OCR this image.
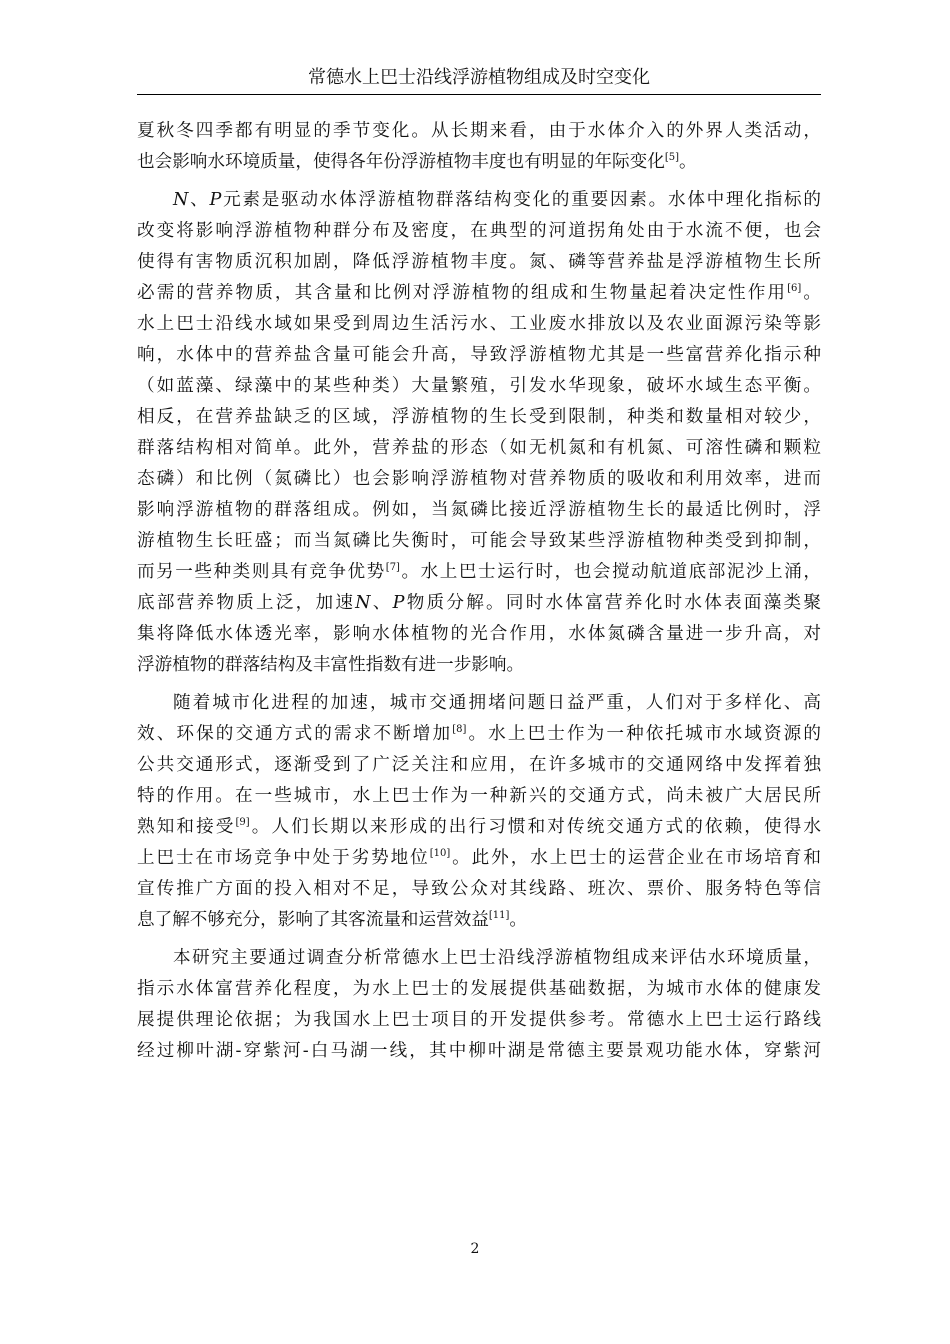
常德水上巴士沿线浮游植物组成及时空变化
夏秋冬四季都有明显的季节变化。从长期来看，由于水体介入的外界人类活动，
也会影响水环境质量，使得各年份浮游植物丰度也有明显的年际变化[5]。
N、P元素是驱动水体浮游植物群落结构变化的重要因素。水体中理化指标的
改变将影响浮游植物种群分布及密度，在典型的河道拐角处由于水流不便，也会
使得有害物质沉积加剧，降低浮游植物丰度。氮、磷等营养盐是浮游植物生长所
必需的营养物质，其含量和比例对浮游植物的组成和生物量起着决定性作用[6]。
水上巴士沿线水域如果受到周边生活污水、工业废水排放以及农业面源污染等影
响，水体中的营养盐含量可能会升高，导致浮游植物尤其是一些富营养化指示种
（如蓝藻、绿藻中的某些种类）大量繁殖，引发水华现象，破坏水域生态平衡。
相反，在营养盐缺乏的区域，浮游植物的生长受到限制，种类和数量相对较少，
群落结构相对简单。此外，营养盐的形态（如无机氮和有机氮、可溶性磷和颗粒
态磷）和比例（氮磷比）也会影响浮游植物对营养物质的吸收和利用效率，进而
影响浮游植物的群落组成。例如，当氮磷比接近浮游植物生长的最适比例时，浮
游植物生长旺盛；而当氮磷比失衡时，可能会导致某些浮游植物种类受到抑制，
而另一些种类则具有竞争优势[7]。水上巴士运行时，也会搅动航道底部泥沙上涌，
底部营养物质上泛，加速N、P物质分解。同时水体富营养化时水体表面藻类聚
集将降低水体透光率，影响水体植物的光合作用，水体氮磷含量进一步升高，对
浮游植物的群落结构及丰富性指数有进一步影响。
随着城市化进程的加速，城市交通拥堵问题日益严重，人们对于多样化、高
效、环保的交通方式的需求不断增加[8]。水上巴士作为一种依托城市水域资源的
公共交通形式，逐渐受到了广泛关注和应用，在许多城市的交通网络中发挥着独
特的作用。在一些城市，水上巴士作为一种新兴的交通方式，尚未被广大居民所
熟知和接受[9]。人们长期以来形成的出行习惯和对传统交通方式的依赖，使得水
上巴士在市场竞争中处于劣势地位[10]。此外，水上巴士的运营企业在市场培育和
宣传推广方面的投入相对不足，导致公众对其线路、班次、票价、服务特色等信
息了解不够充分，影响了其客流量和运营效益[11]。
本研究主要通过调查分析常德水上巴士沿线浮游植物组成来评估水环境质量，
指示水体富营养化程度，为水上巴士的发展提供基础数据，为城市水体的健康发
展提供理论依据；为我国水上巴士项目的开发提供参考。常德水上巴士运行路线
经过柳叶湖-穿紫河-白马湖一线，其中柳叶湖是常德主要景观功能水体，穿紫河
2
